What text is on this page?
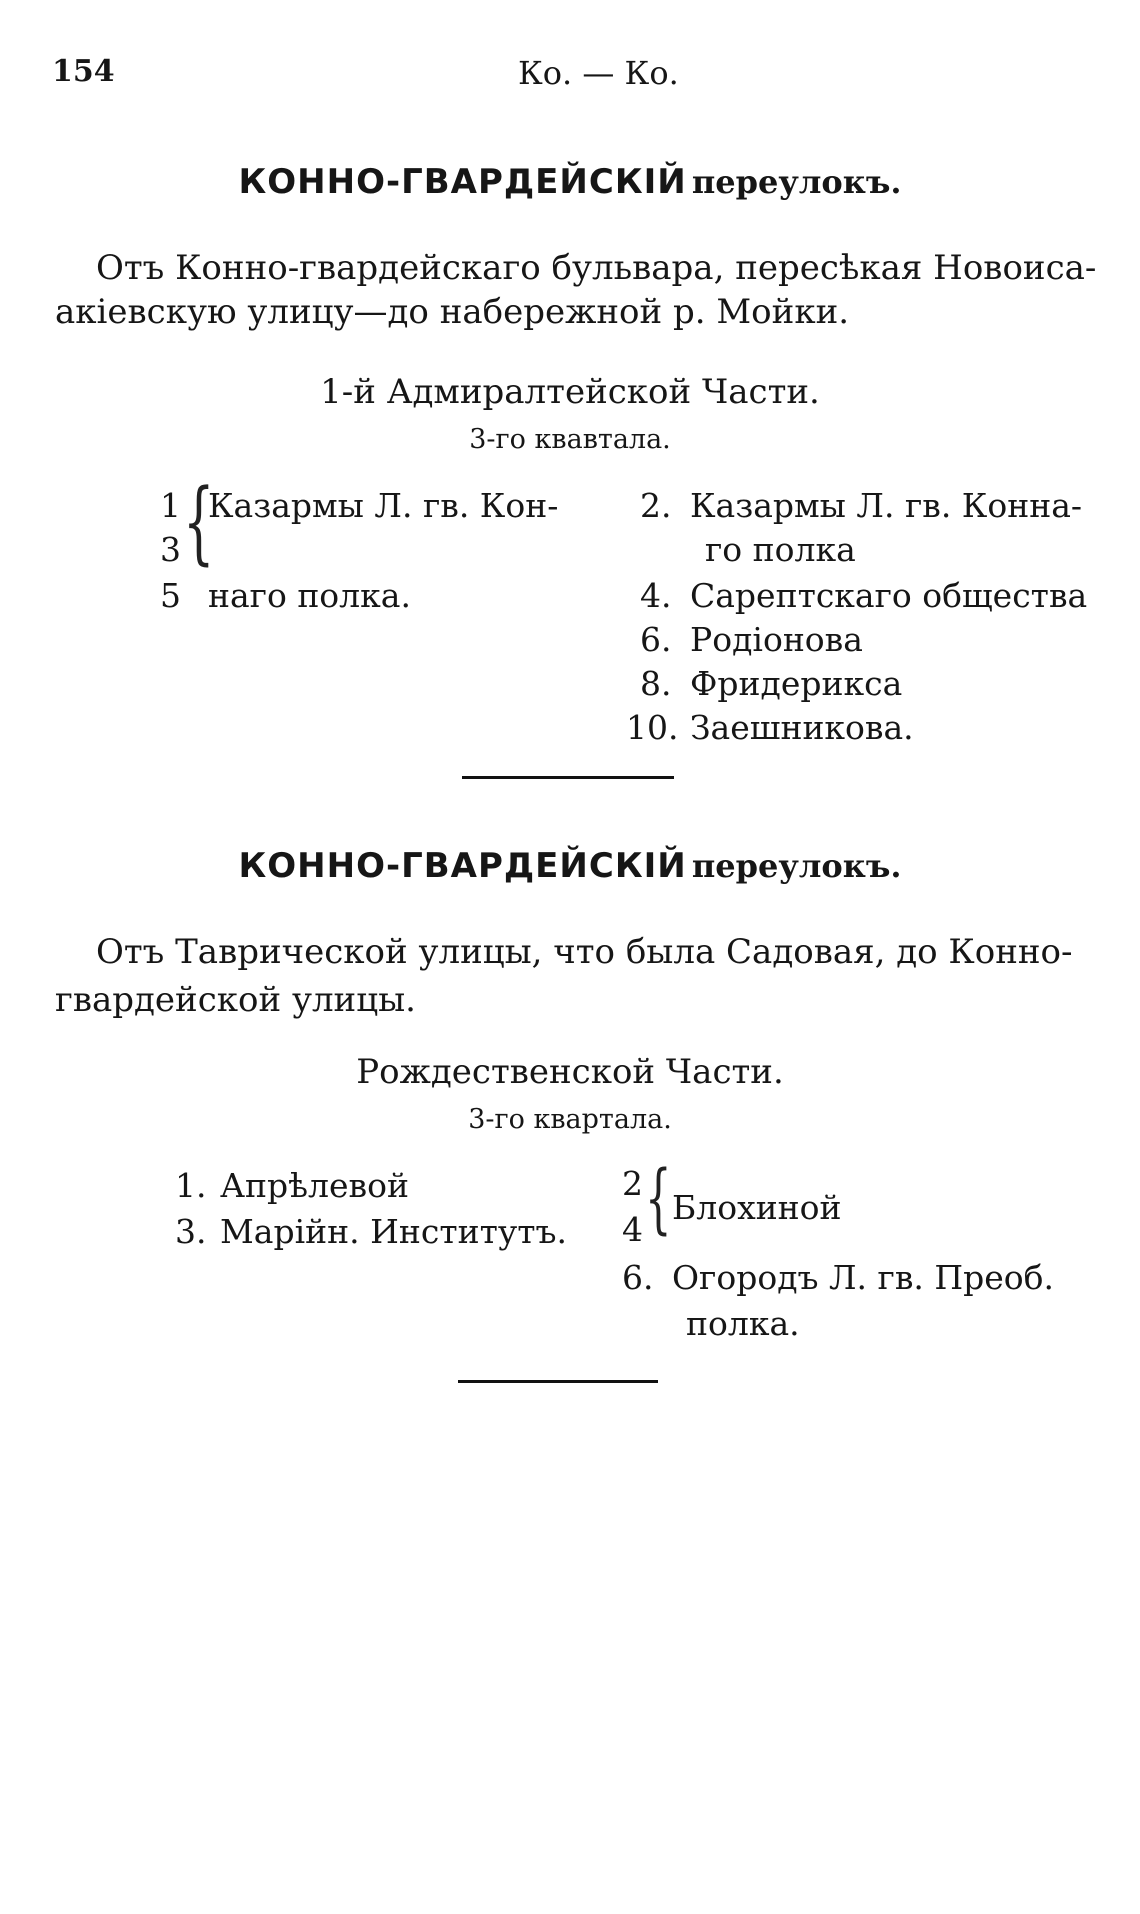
154	Ко. — Ко.
КОННО-ГВАРДЕЙСКІЙ переулокъ.
Отъ Конно-гвардейскаго бульвара, пересѣкая Новоиса-
акіевскую улицу—до набережной р. Мойки.
1-й Адмиралтейской Части.
3-го квавтала.
1
3
5
{
Казармы Л. гв. Кон-
наго полка.
2. Казармы Л. гв. Конна-
го полка
4. Сарептскаго общества
6. Родіонова
8. Фридерикса
10. Заешникова.
КОННО-ГВАРДЕЙСКІЙ переулокъ.
Отъ Таврической улицы, что была Садовая, до Конно-
гвардейской улицы.
Рождественской Части.
3-го квартала.
1. Апрѣлевой
3. Марійн. Институтъ.
2
4 { Блохиной
6. Огородъ Л. гв. Преоб.
полка.
